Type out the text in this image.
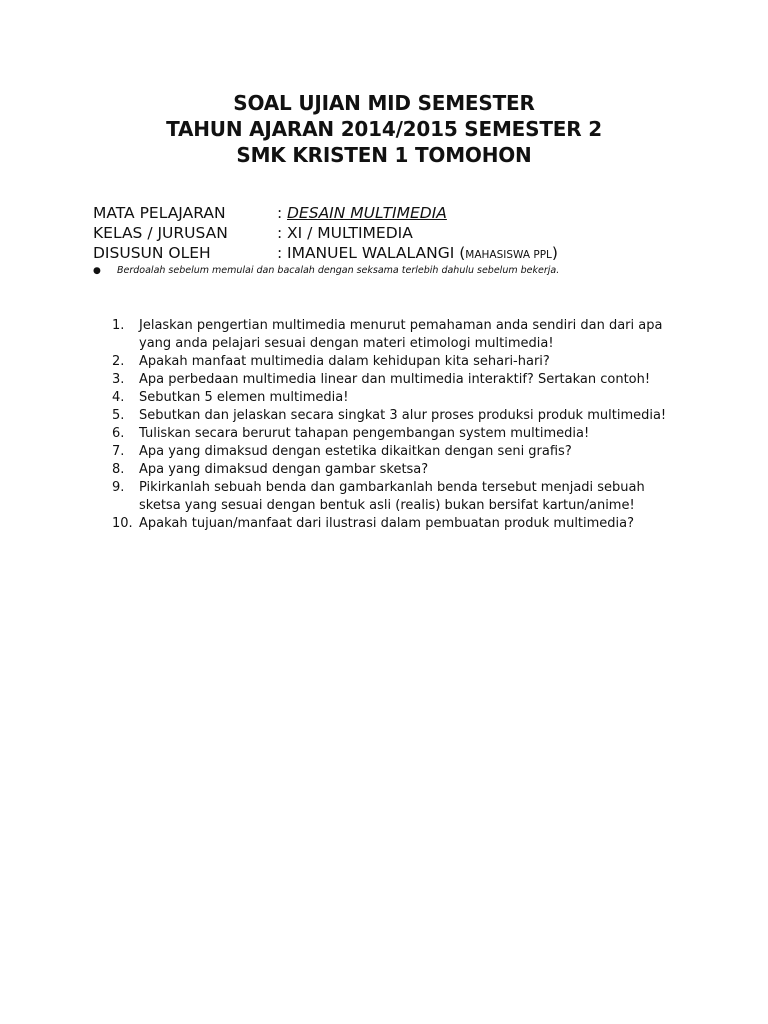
SOAL UJIAN MID SEMESTER
TAHUN AJARAN 2014/2015 SEMESTER 2
SMK KRISTEN 1 TOMOHON
MATA PELAJARAN	: DESAIN MULTIMEDIA
KELAS / JURUSAN	: XI / MULTIMEDIA
DISUSUN OLEH	: IMANUEL WALALANGI (MAHASISWA PPL)
●	Berdoalah sebelum memulai dan bacalah dengan seksama terlebih dahulu sebelum bekerja.
1.	Jelaskan pengertian multimedia menurut pemahaman anda sendiri dan dari apa yang anda pelajari sesuai dengan materi etimologi multimedia!
2.	Apakah manfaat multimedia dalam kehidupan kita sehari-hari?
3.	Apa perbedaan multimedia linear dan multimedia interaktif? Sertakan contoh!
4.	Sebutkan 5 elemen multimedia!
5.	Sebutkan dan jelaskan secara singkat 3 alur proses produksi produk multimedia!
6.	Tuliskan secara berurut tahapan pengembangan system multimedia!
7.	Apa yang dimaksud dengan estetika dikaitkan dengan seni grafis?
8.	Apa yang dimaksud dengan gambar sketsa?
9.	Pikirkanlah sebuah benda dan gambarkanlah benda tersebut menjadi sebuah sketsa yang sesuai dengan bentuk asli (realis) bukan bersifat kartun/anime!
10. Apakah tujuan/manfaat dari ilustrasi dalam pembuatan produk multimedia?
